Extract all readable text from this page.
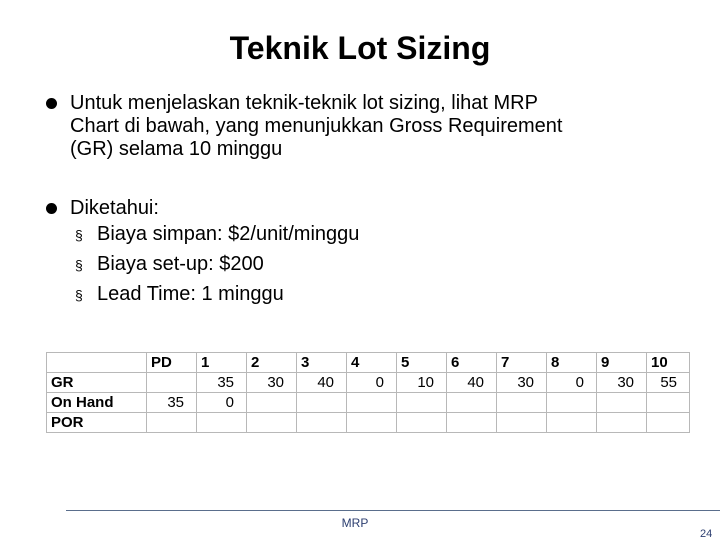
Teknik Lot Sizing
Untuk menjelaskan teknik-teknik lot sizing, lihat MRP
Chart di bawah, yang menunjukkan Gross Requirement
(GR) selama 10 minggu
Diketahui:
§ Biaya simpan: $2/unit/minggu
§ Biaya set-up: $200
§ Lead Time: 1 minggu
	PD	1	2	3	4	5	6	7	8	9	10
GR		35	30	40	0	10	40	30	0	30	55
On Hand	35	0									
POR											
MRP
24
